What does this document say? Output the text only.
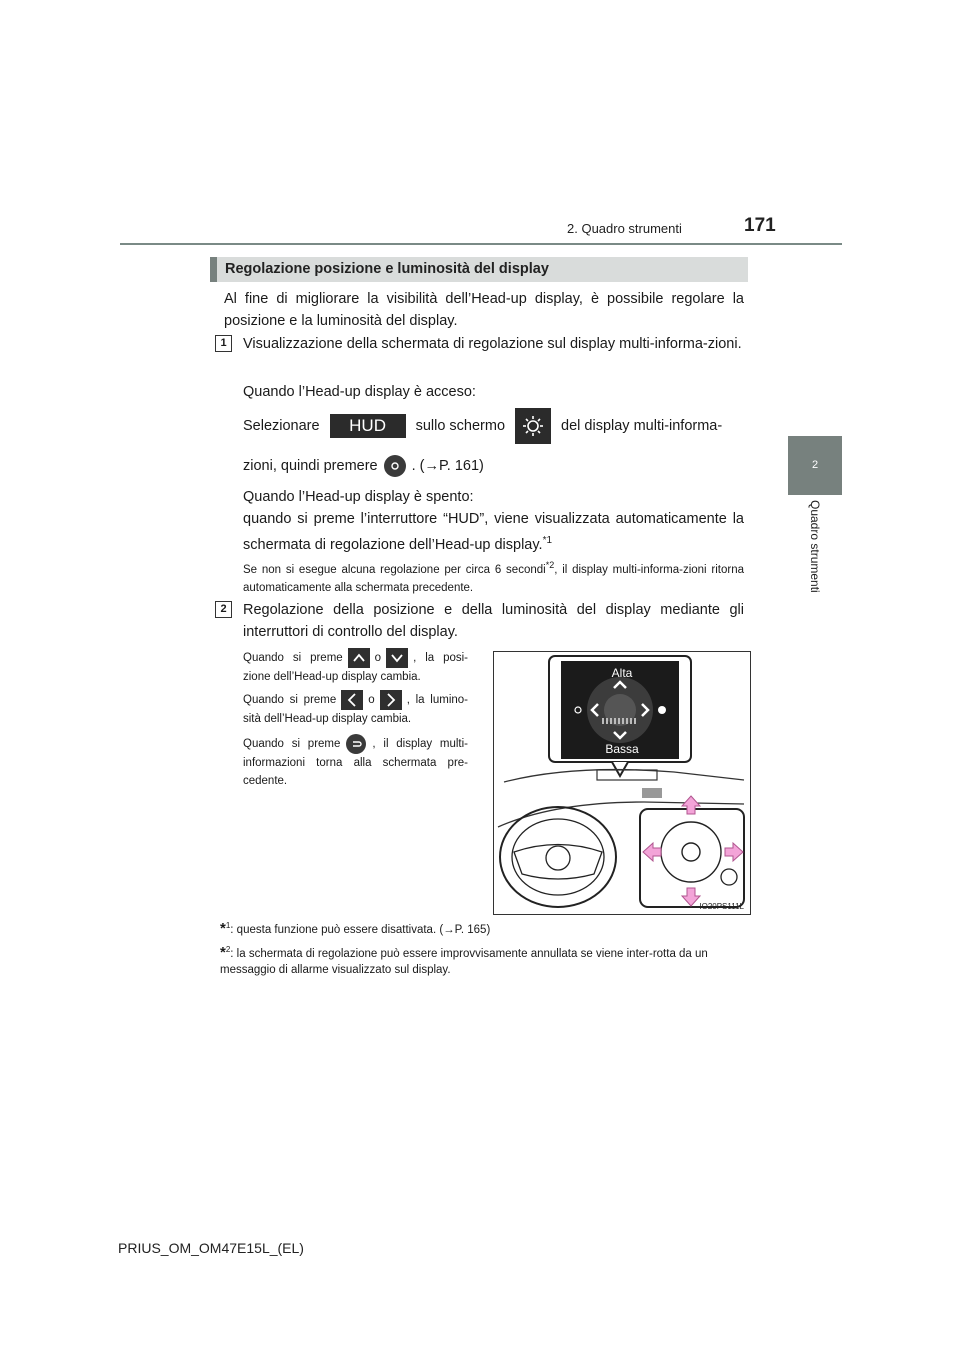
2. Quadro strumenti	171
2
Quadro strumenti
Regolazione posizione e luminosità del display
Al fine di migliorare la visibilità dell’Head-up display, è possibile regolare la posizione e la luminosità del display.
1	Visualizzazione della schermata di regolazione sul display multi-informa-zioni.
Quando l’Head-up display è acceso:
Selezionare HUD sullo schermo	del display multi-informa-
zioni, quindi premere . (→P. 161)
Quando l’Head-up display è spento:
quando si preme l’interruttore “HUD”, viene visualizzata automaticamente la schermata di regolazione dell’Head-up display.$^{*1}$
Se non si esegue alcuna regolazione per circa 6 secondi$^{*2}$, il display multi-informa-zioni ritorna automaticamente alla schermata precedente.
2	Regolazione della posizione e della luminosità del display mediante gli interruttori di controllo del display.
Quando si preme	o	, la posi-zione dell’Head-up display cambia.
Quando si preme	o	, la lumino-sità dell’Head-up display cambia.
Quando si preme	, il display multi-informazioni torna alla schermata pre-cedente.
Alta
Bassa
IO20PS111L
*$^1$: questa funzione può essere disattivata. (→P. 165)
*$^2$: la schermata di regolazione può essere improvvisamente annullata se viene inter-rotta da un messaggio di allarme visualizzato sul display.
PRIUS_OM_OM47E15L_(EL)
